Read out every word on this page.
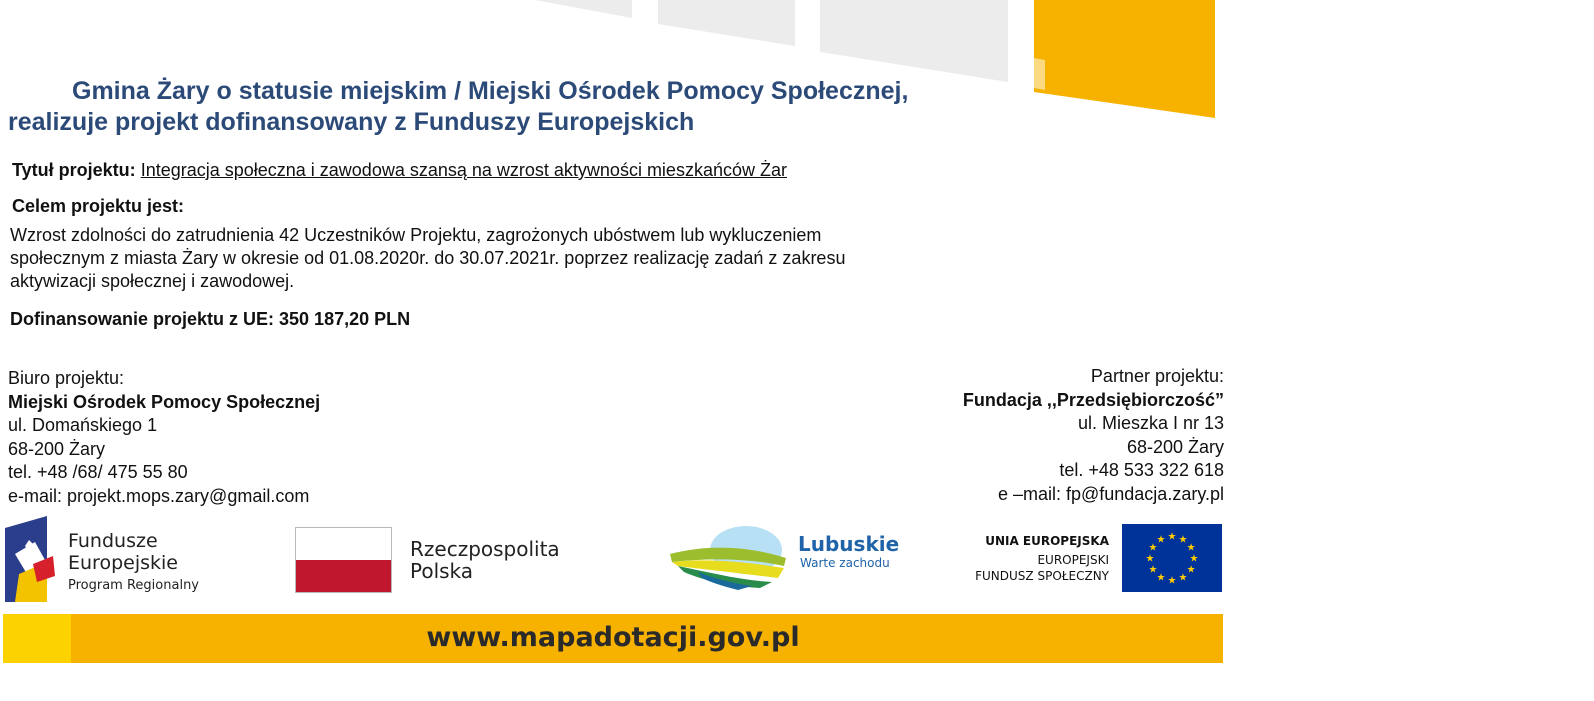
Gmina Żary o statusie miejskim / Miejski Ośrodek Pomocy Społecznej,
realizuje projekt dofinansowany z Funduszy Europejskich
Tytuł projektu: Integracja społeczna i zawodowa szansą na wzrost aktywności mieszkańców Żar
Celem projektu jest:
Wzrost zdolności do zatrudnienia 42 Uczestników Projektu, zagrożonych ubóstwem lub wykluczeniem
społecznym z miasta Żary w okresie od 01.08.2020r. do 30.07.2021r. poprzez realizację zadań z zakresu
aktywizacji społecznej i zawodowej.
Dofinansowanie projektu z UE: 350 187,20 PLN
Biuro projektu:
Miejski Ośrodek Pomocy Społecznej
ul. Domańskiego 1
68-200 Żary
tel. +48 /68/ 475 55 80
e-mail: projekt.mops.zary@gmail.com
Partner projektu:
Fundacja ,,Przedsiębiorczość”
ul. Mieszka I nr 13
68-200 Żary
tel. +48 533 322 618
e –mail: fp@fundacja.zary.pl
Fundusze
Europejskie
Program Regionalny
Rzeczpospolita
Polska
Lubuskie
Warte zachodu
UNIA EUROPEJSKA
EUROPEJSKI
FUNDUSZ SPOŁECZNY
★ ★
★
★
★
★
★
★
★
★
★
★
www.mapadotacji.gov.pl
